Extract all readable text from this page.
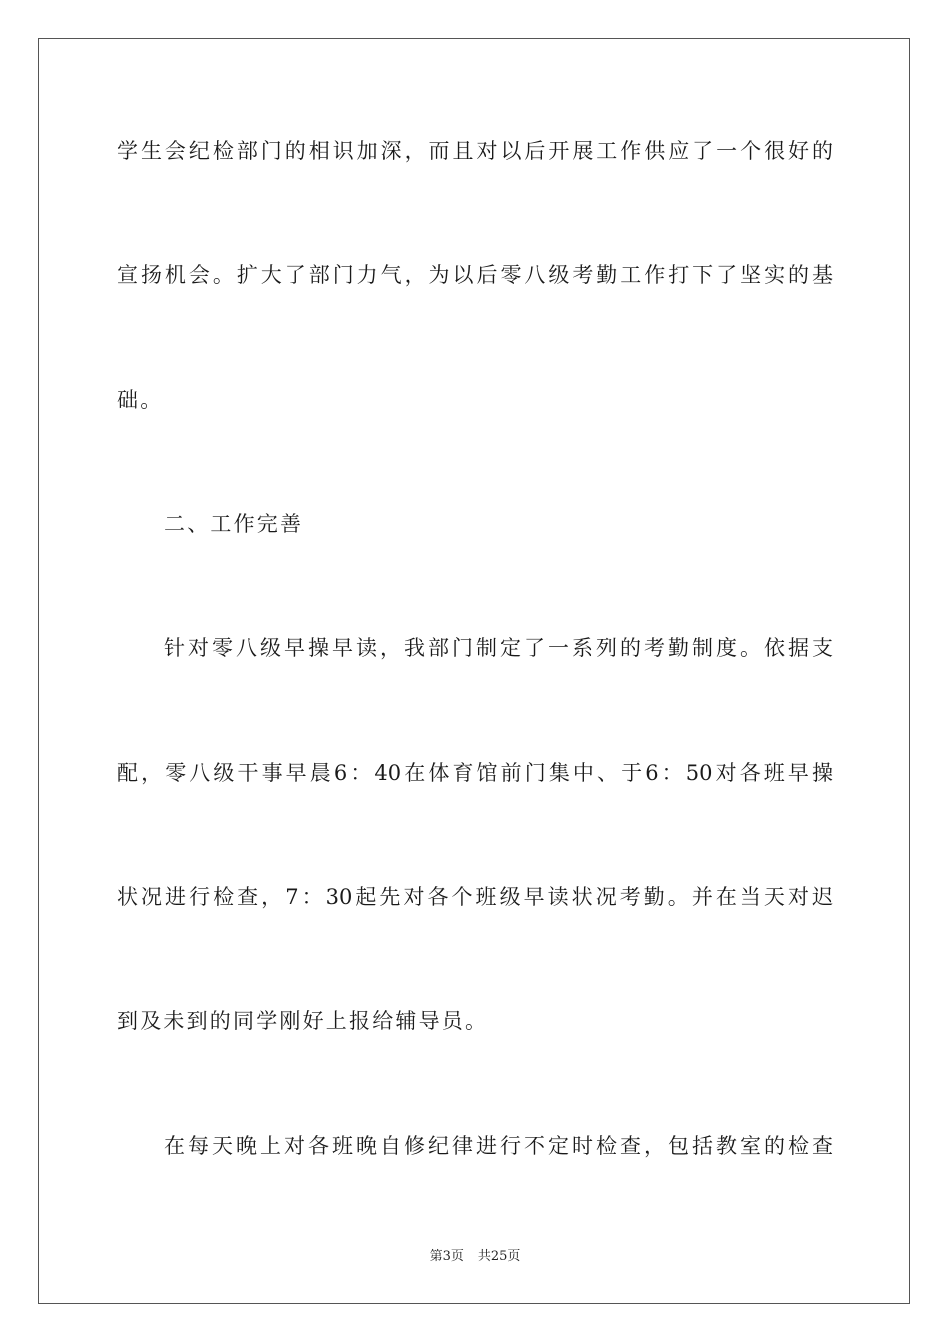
学生会纪检部门的相识加深，而且对以后开展工作供应了一个很好的
宣扬机会。扩大了部门力气，为以后零八级考勤工作打下了坚实的基
础。
二、工作完善
针对零八级早操早读，我部门制定了一系列的考勤制度。依据支
配，零八级干事早晨6：40在体育馆前门集中、于6：50对各班早操
状况进行检查，7：30起先对各个班级早读状况考勤。并在当天对迟
到及未到的同学刚好上报给辅导员。
在每天晚上对各班晚自修纪律进行不定时检查，包括教室的检查
第3页 共25页
